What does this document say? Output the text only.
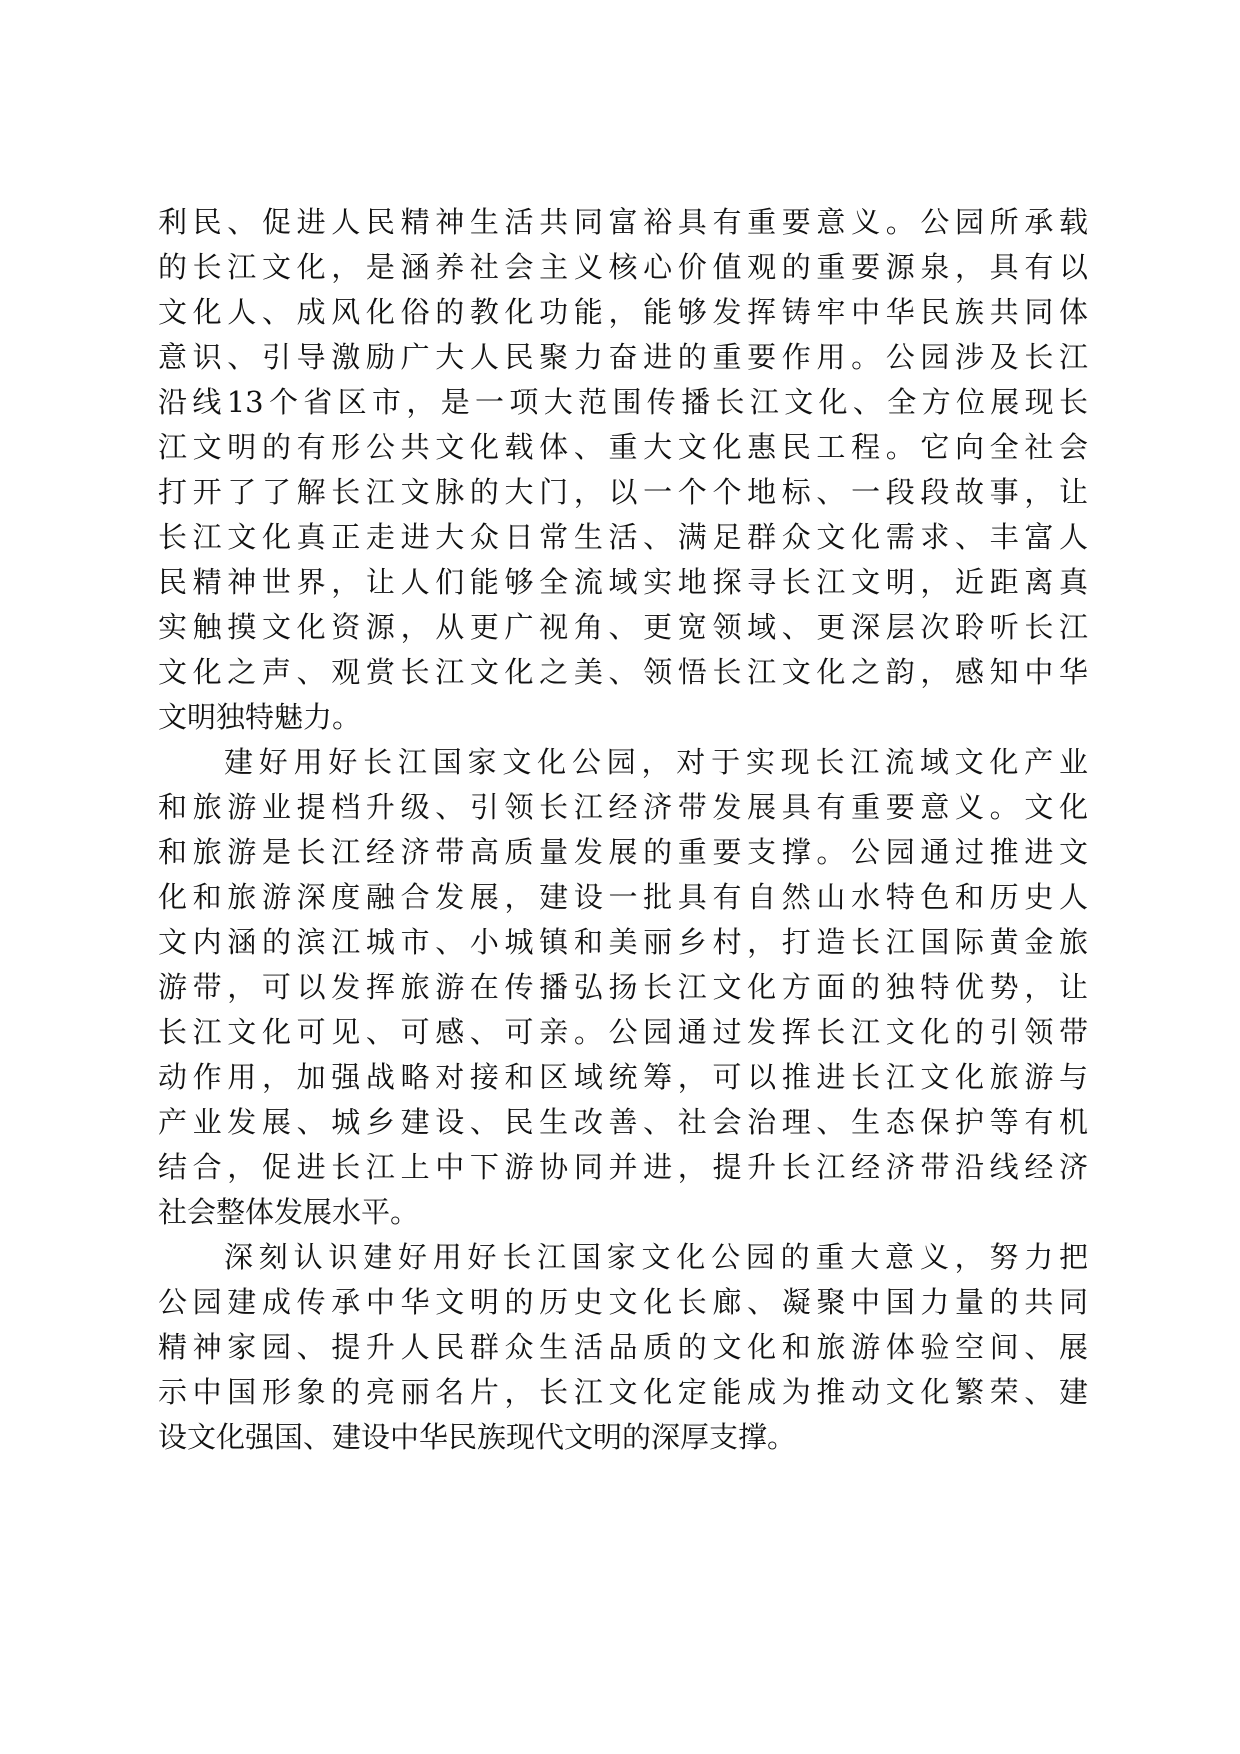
利民、促进人民精神生活共同富裕具有重要意义。公园所承载
的长江文化，是涵养社会主义核心价值观的重要源泉，具有以
文化人、成风化俗的教化功能，能够发挥铸牢中华民族共同体
意识、引导激励广大人民聚力奋进的重要作用。公园涉及长江
沿线13个省区市，是一项大范围传播长江文化、全方位展现长
江文明的有形公共文化载体、重大文化惠民工程。它向全社会
打开了了解长江文脉的大门，以一个个地标、一段段故事，让
长江文化真正走进大众日常生活、满足群众文化需求、丰富人
民精神世界，让人们能够全流域实地探寻长江文明，近距离真
实触摸文化资源，从更广视角、更宽领域、更深层次聆听长江
文化之声、观赏长江文化之美、领悟长江文化之韵，感知中华
文明独特魅力。
建好用好长江国家文化公园，对于实现长江流域文化产业
和旅游业提档升级、引领长江经济带发展具有重要意义。文化
和旅游是长江经济带高质量发展的重要支撑。公园通过推进文
化和旅游深度融合发展，建设一批具有自然山水特色和历史人
文内涵的滨江城市、小城镇和美丽乡村，打造长江国际黄金旅
游带，可以发挥旅游在传播弘扬长江文化方面的独特优势，让
长江文化可见、可感、可亲。公园通过发挥长江文化的引领带
动作用，加强战略对接和区域统筹，可以推进长江文化旅游与
产业发展、城乡建设、民生改善、社会治理、生态保护等有机
结合，促进长江上中下游协同并进，提升长江经济带沿线经济
社会整体发展水平。
深刻认识建好用好长江国家文化公园的重大意义，努力把
公园建成传承中华文明的历史文化长廊、凝聚中国力量的共同
精神家园、提升人民群众生活品质的文化和旅游体验空间、展
示中国形象的亮丽名片，长江文化定能成为推动文化繁荣、建
设文化强国、建设中华民族现代文明的深厚支撑。
